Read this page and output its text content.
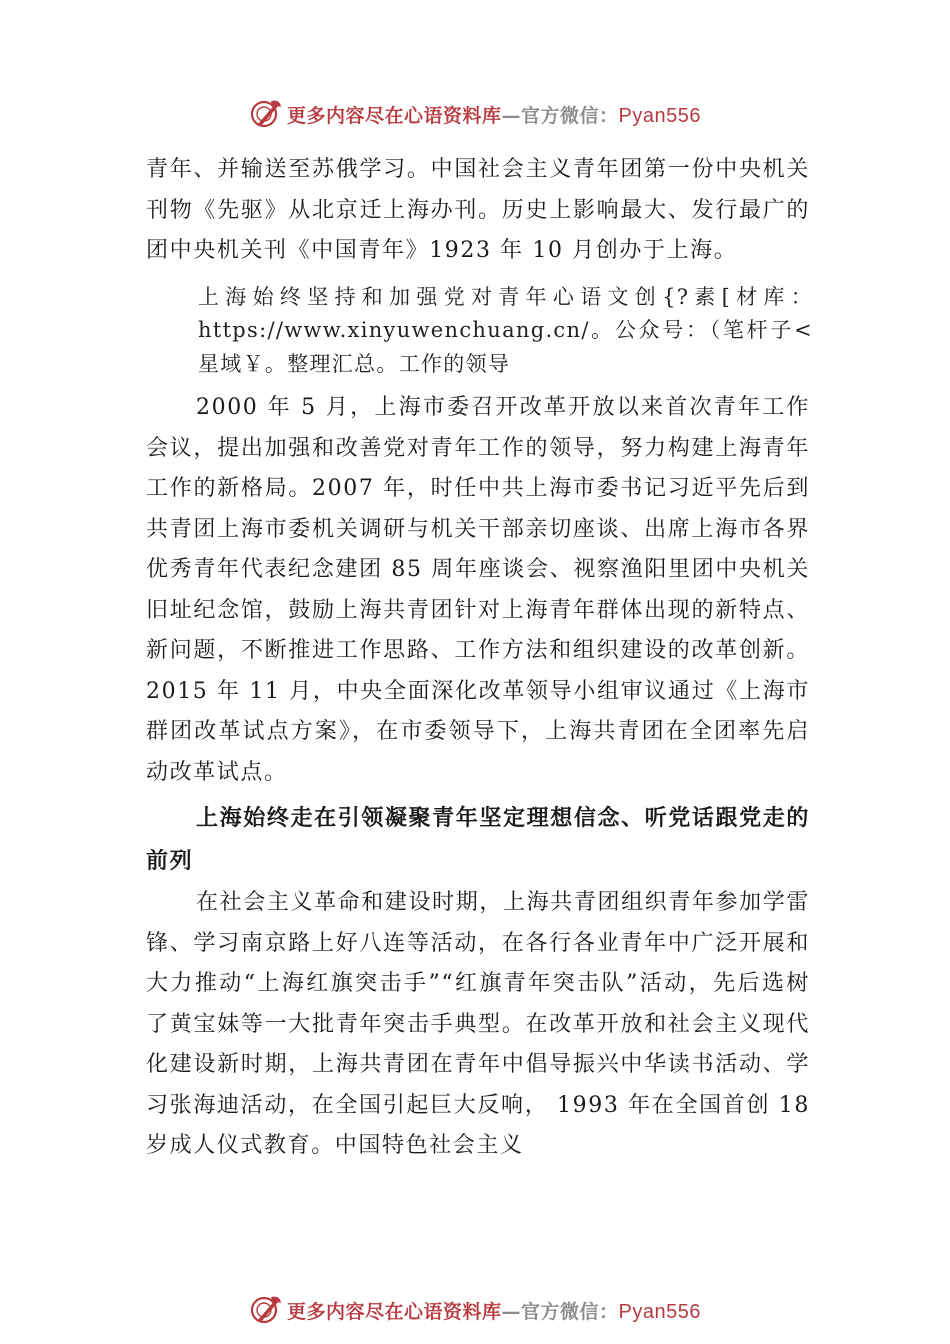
更多内容尽在心语资料库—官方微信：Pyan556

青年、并输送至苏俄学习。中国社会主义青年团第一份中央机关刊物《先驱》从北京迁上海办刊。历史上影响最大、发行最广的团中央机关刊《中国青年》1923 年 10 月创办于上海。

上海始终坚持和加强党对青年心语文创{?素[材库：https://www.xinyuwenchuang.cn/。公众号：（笔杆子<星域￥。整理汇总。工作的领导

2000 年 5 月，上海市委召开改革开放以来首次青年工作会议，提出加强和改善党对青年工作的领导，努力构建上海青年工作的新格局。2007 年，时任中共上海市委书记习近平先后到共青团上海市委机关调研与机关干部亲切座谈、出席上海市各界优秀青年代表纪念建团 85 周年座谈会、视察渔阳里团中央机关旧址纪念馆，鼓励上海共青团针对上海青年群体出现的新特点、新问题，不断推进工作思路、工作方法和组织建设的改革创新。2015 年 11 月，中央全面深化改革领导小组审议通过《上海市群团改革试点方案》，在市委领导下，上海共青团在全团率先启动改革试点。

上海始终走在引领凝聚青年坚定理想信念、听党话跟党走的前列

在社会主义革命和建设时期，上海共青团组织青年参加学雷锋、学习南京路上好八连等活动，在各行各业青年中广泛开展和大力推动“上海红旗突击手”“红旗青年突击队”活动，先后选树了黄宝妹等一大批青年突击手典型。在改革开放和社会主义现代化建设新时期，上海共青团在青年中倡导振兴中华读书活动、学习张海迪活动，在全国引起巨大反响， 1993 年在全国首创 18 岁成人仪式教育。中国特色社会主义

更多内容尽在心语资料库—官方微信：Pyan556
